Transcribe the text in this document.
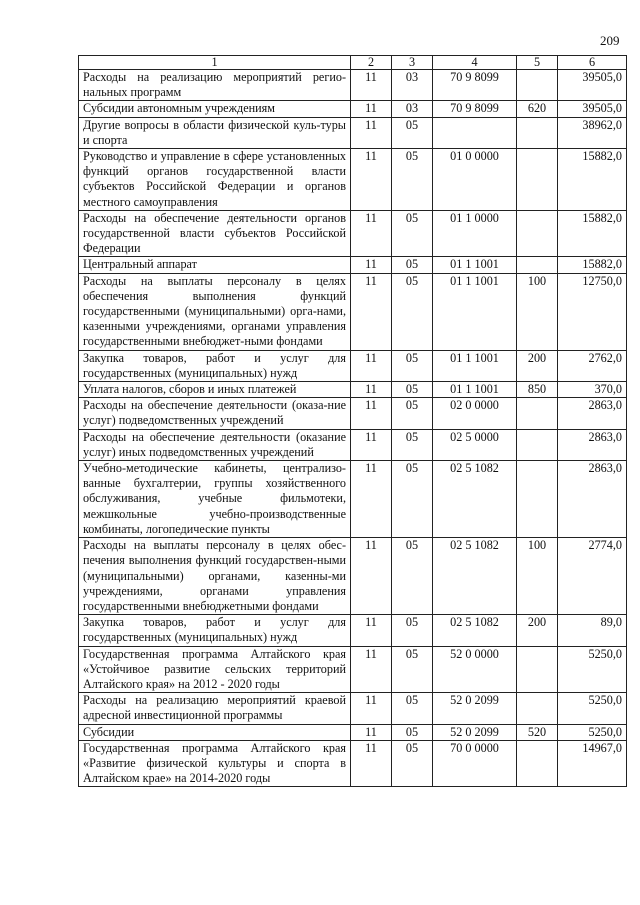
209
1	2	3	4	5	6
Расходы на реализацию мероприятий регио-нальных программ	11	03	70 9 8099		39505,0
Субсидии автономным учреждениям	11	03	70 9 8099	620	39505,0
Другие вопросы в области физической куль-туры и спорта	11	05			38962,0
Руководство и управление в сфере установленных функций органов государственной власти субъектов Российской Федерации и органов местного самоуправления	11	05	01 0 0000		15882,0
Расходы на обеспечение деятельности органов государственной власти субъектов Российской Федерации	11	05	01 1 0000		15882,0
Центральный аппарат	11	05	01 1 1001		15882,0
Расходы на выплаты персоналу в целях обеспечения выполнения функций государственными (муниципальными) орга-нами, казенными учреждениями, органами управления государственными внебюджет-ными фондами	11	05	01 1 1001	100	12750,0
Закупка товаров, работ и услуг для государственных (муниципальных) нужд	11	05	01 1 1001	200	2762,0
Уплата налогов, сборов и иных платежей	11	05	01 1 1001	850	370,0
Расходы на обеспечение деятельности (оказа-ние услуг) подведомственных учреждений	11	05	02 0 0000		2863,0
Расходы на обеспечение деятельности (оказание услуг) иных подведомственных учреждений	11	05	02 5 0000		2863,0
Учебно-методические кабинеты, централизо-ванные бухгалтерии, группы хозяйственного обслуживания, учебные фильмотеки, межшкольные учебно-производственные комбинаты, логопедические пункты	11	05	02 5 1082		2863,0
Расходы на выплаты персоналу в целях обес-печения выполнения функций государствен-ными (муниципальными) органами, казенны-ми учреждениями, органами управления государственными внебюджетными фондами	11	05	02 5 1082	100	2774,0
Закупка товаров, работ и услуг для государственных (муниципальных) нужд	11	05	02 5 1082	200	89,0
Государственная программа Алтайского края «Устойчивое развитие сельских территорий Алтайского края» на 2012 - 2020 годы	11	05	52 0 0000		5250,0
Расходы на реализацию мероприятий краевой адресной инвестиционной программы	11	05	52 0 2099		5250,0
Субсидии	11	05	52 0 2099	520	5250,0
Государственная программа Алтайского края «Развитие физической культуры и спорта в Алтайском крае» на 2014-2020 годы	11	05	70 0 0000		14967,0
